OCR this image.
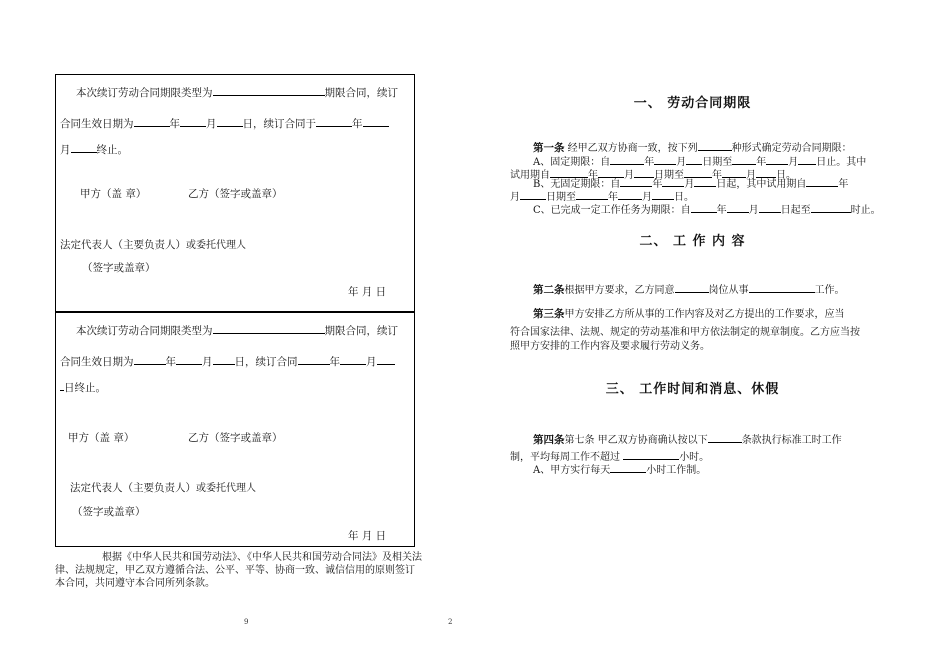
本次续订劳动合同期限类型为	期限合同，续订
合同生效日期为	年 月 日，续订合同于	年
月 终止。
甲方（盖 章）	乙方（签字或盖章）
法定代表人（主要负责人）或委托代理人
（签字或盖章）
年 月 日
本次续订劳动合同期限类型为	期限合同，续订
合同生效日期为	年 月 日，续订合同	年 月
日终止。
甲方（盖 章）	乙方（签字或盖章）
法定代表人（主要负责人）或委托代理人
（签字或盖章）
年 月 日
根据《中华人民共和国劳动法》、《中华人民共和国劳动合同法》及相关法
律、法规规定，甲乙双方遵循合法、公平、平等、协商一致、诚信信用的原则签订
本合同，共同遵守本合同所列条款。
9
一、 劳动合同期限
第一条 经甲乙双方协商一致，按下列	种形式确定劳动合同期限：
A、固定期限：自	年 月 日期至 年 月 日止。其中
试用期自	年	月 日期至	年 月 日。
B、无固定期限：自	年 月 日起，其中试用期自	年
月	日期至	年 月 日。
C、已完成一定工作任务为期限：自	年 月 日起至	时止。
二、 工 作 内 容
第二条根据甲方要求，乙方同意	岗位从事	工作。
第三条甲方安排乙方所从事的工作内容及对乙方提出的工作要求，应当
符合国家法律、法规、规定的劳动基准和甲方依法制定的规章制度。乙方应当按
照甲方安排的工作内容及要求履行劳动义务。
三、 工作时间和消息、休假
第四条第七条 甲乙双方协商确认按以下	条款执行标准工时工作
制，平均每周工作不超过	小时。
A、甲方实行每天	小时工作制。
2
